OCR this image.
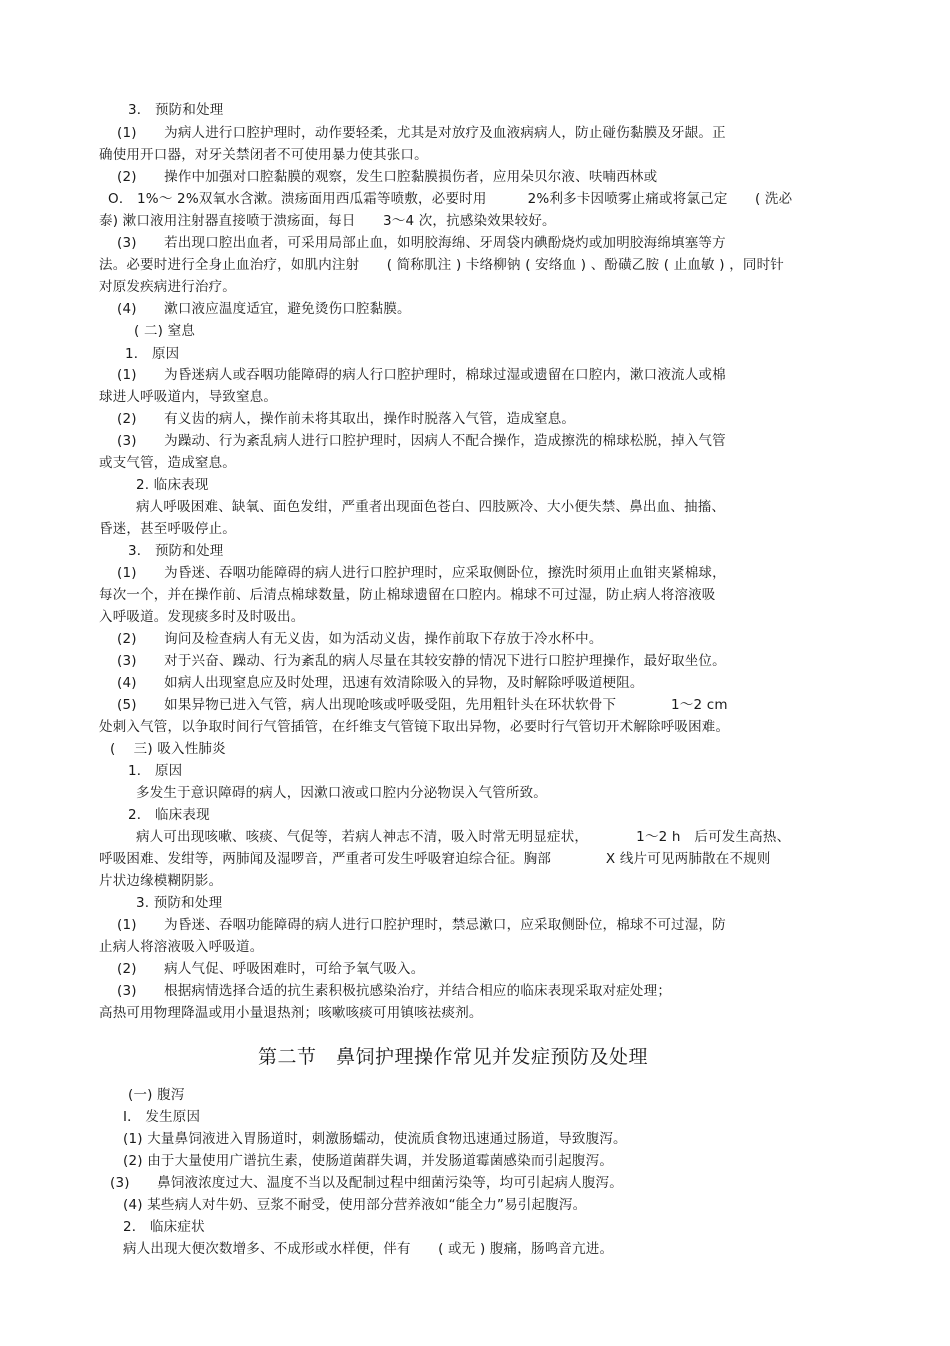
3． 预防和处理
(1)　　为病人进行口腔护理时，动作要轻柔，尤其是对放疗及血液病病人，防止碰伤黏膜及牙龈。正
确使用开口器，对牙关禁闭者不可使用暴力使其张口。
(2)　　操作中加强对口腔黏膜的观察，发生口腔黏膜损伤者，应用朵贝尔液、呋喃西林或
O． 1%～ 2%双氧水含漱。溃疡面用西瓜霜等喷敷，必要时用　　　2%利多卡因喷雾止痛或将氯己定　　( 洗必
泰) 漱口液用注射器直接喷于溃疡面，每日　　3～4 次，抗感染效果较好。
(3)　　若出现口腔出血者，可采用局部止血，如明胶海绵、牙周袋内碘酚烧灼或加明胶海绵填塞等方
法。必要时进行全身止血治疗，如肌内注射　　( 简称肌注 ) 卡络柳钠 ( 安络血 ) 、酚磺乙胺 ( 止血敏 ) ，同时针
对原发疾病进行治疗。
(4)　　漱口液应温度适宜，避免烫伤口腔黏膜。
( 二) 窒息
1． 原因
(1)　　为昏迷病人或吞咽功能障碍的病人行口腔护理时，棉球过湿或遗留在口腔内，漱口液流人或棉
球进人呼吸道内，导致窒息。
(2)　　有义齿的病人，操作前未将其取出，操作时脱落入气管，造成窒息。
(3)　　为躁动、行为紊乱病人进行口腔护理时，因病人不配合操作，造成擦洗的棉球松脱，掉入气管
或支气管，造成窒息。
2. 临床表现
病人呼吸困难、缺氧、面色发绀，严重者出现面色苍白、四肢厥冷、大小便失禁、鼻出血、抽搐、
昏迷，甚至呼吸停止。
3． 预防和处理
(1)　　为昏迷、吞咽功能障碍的病人进行口腔护理时，应采取侧卧位，擦洗时须用止血钳夹紧棉球，
每次一个，并在操作前、后清点棉球数量，防止棉球遗留在口腔内。棉球不可过湿，防止病人将溶液吸
入呼吸道。发现痰多时及时吸出。
(2)　　询问及检查病人有无义齿，如为活动义齿，操作前取下存放于冷水杯中。
(3)　　对于兴奋、躁动、行为紊乱的病人尽量在其较安静的情况下进行口腔护理操作，最好取坐位。
(4)　　如病人出现窒息应及时处理，迅速有效清除吸入的异物，及时解除呼吸道梗阻。
(5)　　如果异物已进入气管，病人出现呛咳或呼吸受阻，先用粗针头在环状软骨下　　　　1～2 cm
处刺入气管，以争取时间行气管插管，在纤维支气管镜下取出异物，必要时行气管切开术解除呼吸困难。
(　 三) 吸入性肺炎
1． 原因
多发生于意识障碍的病人，因漱口液或口腔内分泌物误入气管所致。
2． 临床表现
病人可出现咳嗽、咳痰、气促等，若病人神志不清，吸入时常无明显症状，　　　　1～2 h　后可发生高热、
呼吸困难、发绀等，两肺闻及湿啰音，严重者可发生呼吸窘迫综合征。胸部　　　　X 线片可见两肺散在不规则
片状边缘模糊阴影。
3. 预防和处理
(1)　　为昏迷、吞咽功能障碍的病人进行口腔护理时，禁忌漱口，应采取侧卧位，棉球不可过湿，防
止病人将溶液吸入呼吸道。
(2)　　病人气促、呼吸困难时，可给予氧气吸入。
(3)　　根据病情选择合适的抗生素积极抗感染治疗，并结合相应的临床表现采取对症处理；
高热可用物理降温或用小量退热剂；咳嗽咳痰可用镇咳祛痰剂。
第二节　鼻饲护理操作常见并发症预防及处理
(一) 腹泻
I． 发生原因
(1) 大量鼻饲液进入胃肠道时，刺激肠蠕动，使流质食物迅速通过肠道，导致腹泻。
(2) 由于大量使用广谱抗生素，使肠道菌群失调，并发肠道霉菌感染而引起腹泻。
(3)　　鼻饲液浓度过大、温度不当以及配制过程中细菌污染等，均可引起病人腹泻。
(4) 某些病人对牛奶、豆浆不耐受，使用部分营养液如“能全力”易引起腹泻。
2． 临床症状
病人出现大便次数增多、不成形或水样便，伴有　　( 或无 ) 腹痛，肠鸣音亢进。
